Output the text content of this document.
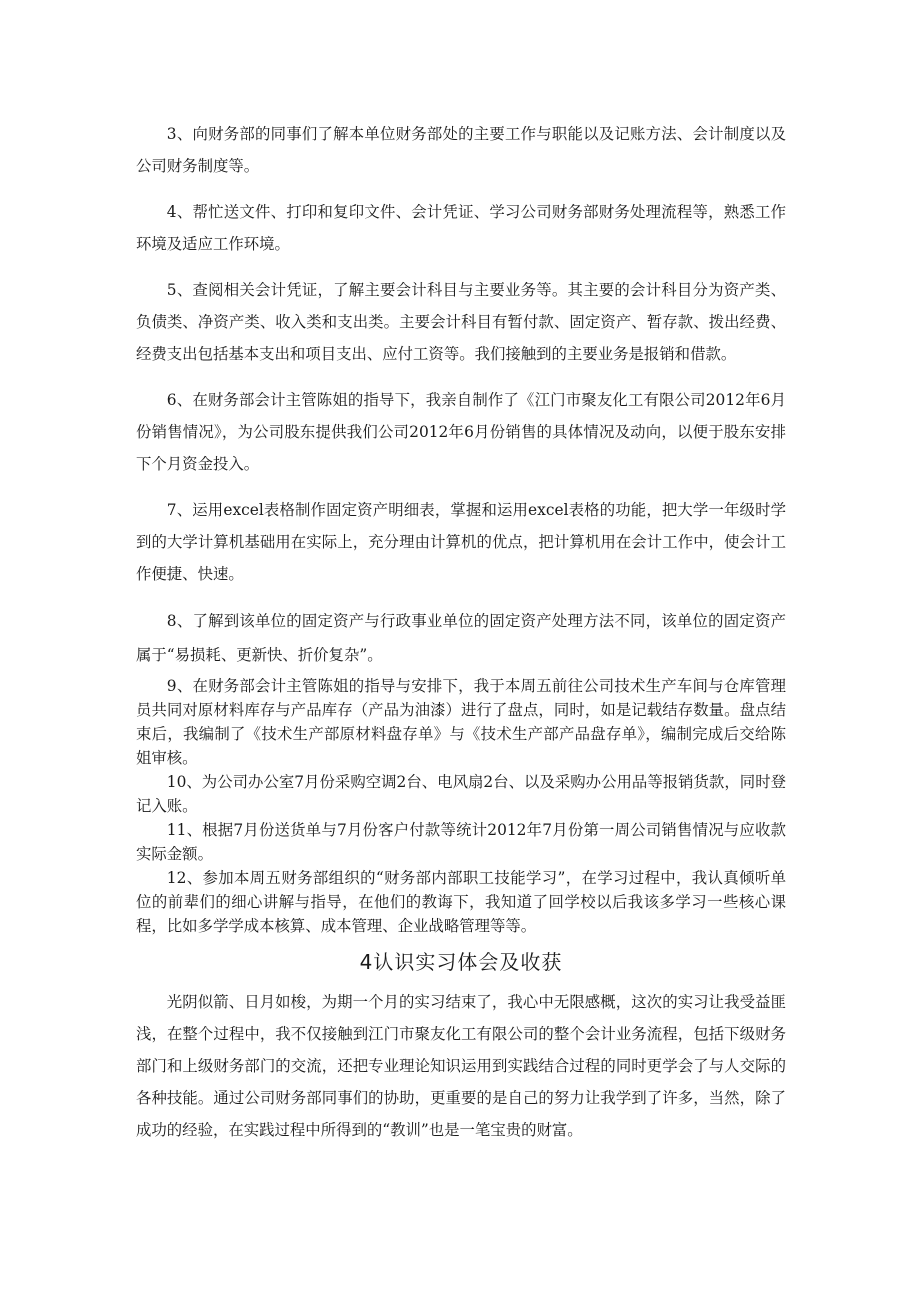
3、向财务部的同事们了解本单位财务部处的主要工作与职能以及记账方法、会计制度以及公司财务制度等。

4、帮忙送文件、打印和复印文件、会计凭证、学习公司财务部财务处理流程等，熟悉工作环境及适应工作环境。

5、查阅相关会计凭证，了解主要会计科目与主要业务等。其主要的会计科目分为资产类、负债类、净资产类、收入类和支出类。主要会计科目有暂付款、固定资产、暂存款、拨出经费、经费支出包括基本支出和项目支出、应付工资等。我们接触到的主要业务是报销和借款。

6、在财务部会计主管陈姐的指导下，我亲自制作了《江门市聚友化工有限公司2012年6月份销售情况》，为公司股东提供我们公司2012年6月份销售的具体情况及动向，以便于股东安排下个月资金投入。

7、运用excel表格制作固定资产明细表，掌握和运用excel表格的功能，把大学一年级时学到的大学计算机基础用在实际上，充分理由计算机的优点，把计算机用在会计工作中，使会计工作便捷、快速。

8、了解到该单位的固定资产与行政事业单位的固定资产处理方法不同，该单位的固定资产属于“易损耗、更新快、折价复杂”。

9、在财务部会计主管陈姐的指导与安排下，我于本周五前往公司技术生产车间与仓库管理员共同对原材料库存与产品库存（产品为油漆）进行了盘点，同时，如是记载结存数量。盘点结束后，我编制了《技术生产部原材料盘存单》与《技术生产部产品盘存单》，编制完成后交给陈姐审核。

10、为公司办公室7月份采购空调2台、电风扇2台、以及采购办公用品等报销货款，同时登记入账。

11、根据7月份送货单与7月份客户付款等统计2012年7月份第一周公司销售情况与应收款实际金额。

12、参加本周五财务部组织的“财务部内部职工技能学习”，在学习过程中，我认真倾听单位的前辈们的细心讲解与指导，在他们的教诲下，我知道了回学校以后我该多学习一些核心课程，比如多学学成本核算、成本管理、企业战略管理等等。

4认识实习体会及收获

光阴似箭、日月如梭，为期一个月的实习结束了，我心中无限感概，这次的实习让我受益匪浅，在整个过程中，我不仅接触到江门市聚友化工有限公司的整个会计业务流程，包括下级财务部门和上级财务部门的交流，还把专业理论知识运用到实践结合过程的同时更学会了与人交际的各种技能。通过公司财务部同事们的协助，更重要的是自己的努力让我学到了许多，当然，除了成功的经验，在实践过程中所得到的“教训”也是一笔宝贵的财富。
